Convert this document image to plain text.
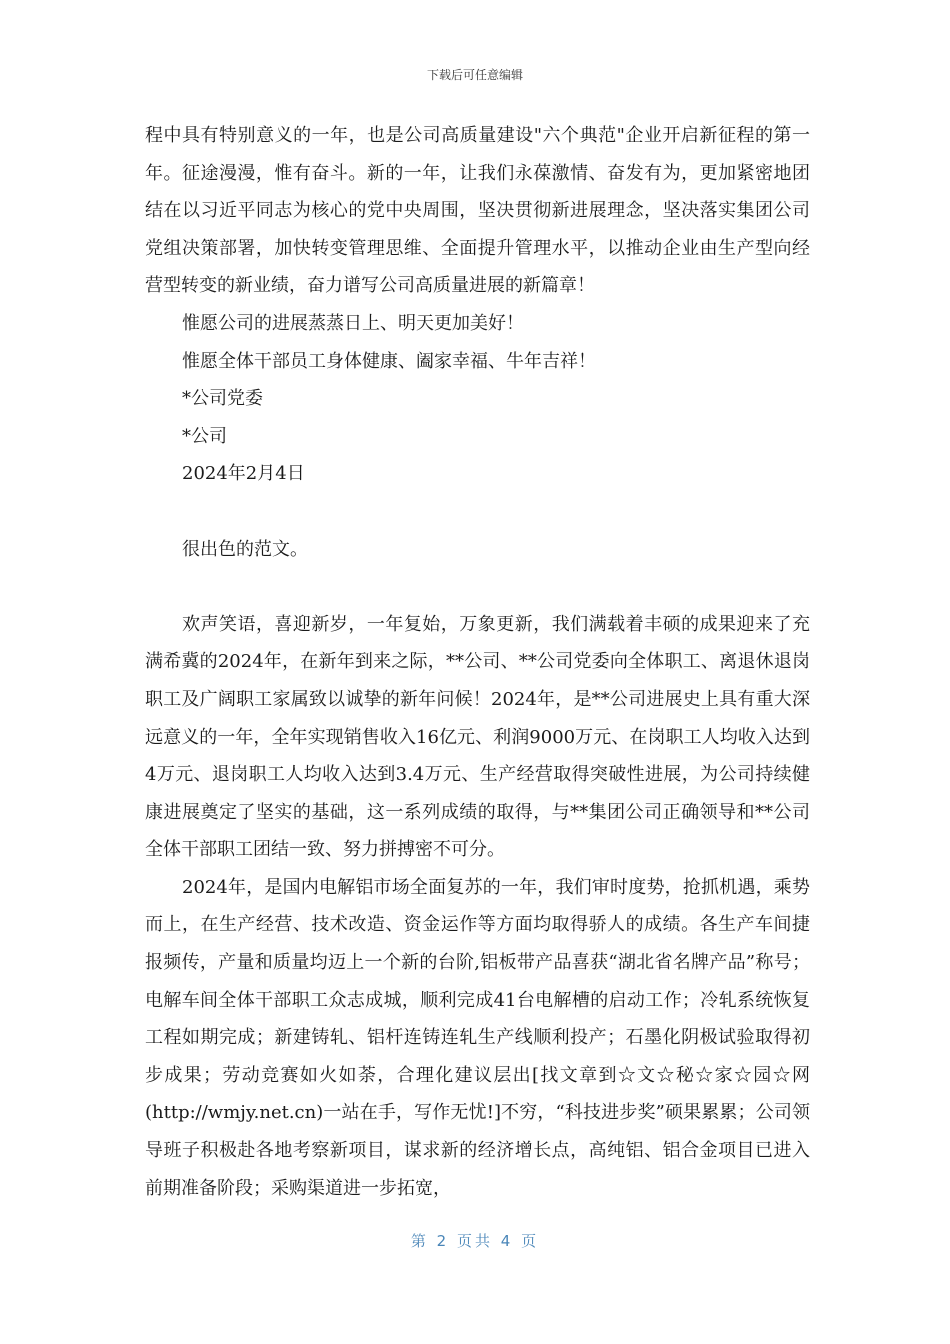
下载后可任意编辑

程中具有特别意义的一年，也是公司高质量建设"六个典范"企业开启新征程的第一年。征途漫漫，惟有奋斗。新的一年，让我们永葆激情、奋发有为，更加紧密地团结在以习近平同志为核心的党中央周围，坚决贯彻新进展理念，坚决落实集团公司党组决策部署，加快转变管理思维、全面提升管理水平，以推动企业由生产型向经营型转变的新业绩，奋力谱写公司高质量进展的新篇章！

惟愿公司的进展蒸蒸日上、明天更加美好！

惟愿全体干部员工身体健康、阖家幸福、牛年吉祥！

*公司党委

*公司

2024年2月4日

很出色的范文。

欢声笑语，喜迎新岁，一年复始，万象更新，我们满载着丰硕的成果迎来了充满希冀的2024年，在新年到来之际，**公司、**公司党委向全体职工、离退休退岗职工及广阔职工家属致以诚挚的新年问候！2024年，是**公司进展史上具有重大深远意义的一年，全年实现销售收入16亿元、利润9000万元、在岗职工人均收入达到4万元、退岗职工人均收入达到3.4万元、生产经营取得突破性进展，为公司持续健康进展奠定了坚实的基础，这一系列成绩的取得，与**集团公司正确领导和**公司全体干部职工团结一致、努力拼搏密不可分。

2024年，是国内电解铝市场全面复苏的一年，我们审时度势，抢抓机遇，乘势而上，在生产经营、技术改造、资金运作等方面均取得骄人的成绩。各生产车间捷报频传，产量和质量均迈上一个新的台阶,铝板带产品喜获“湖北省名牌产品”称号；电解车间全体干部职工众志成城，顺利完成41台电解槽的启动工作；冷轧系统恢复工程如期完成；新建铸轧、铝杆连铸连轧生产线顺利投产；石墨化阴极试验取得初步成果；劳动竞赛如火如荼，合理化建议层出[找文章到☆文☆秘☆家☆园☆网(http://wmjy.net.cn)一站在手，写作无忧!]不穷，“科技进步奖”硕果累累；公司领导班子积极赴各地考察新项目，谋求新的经济增长点，高纯铝、铝合金项目已进入前期准备阶段；采购渠道进一步拓宽，

第 2 页共 4 页
